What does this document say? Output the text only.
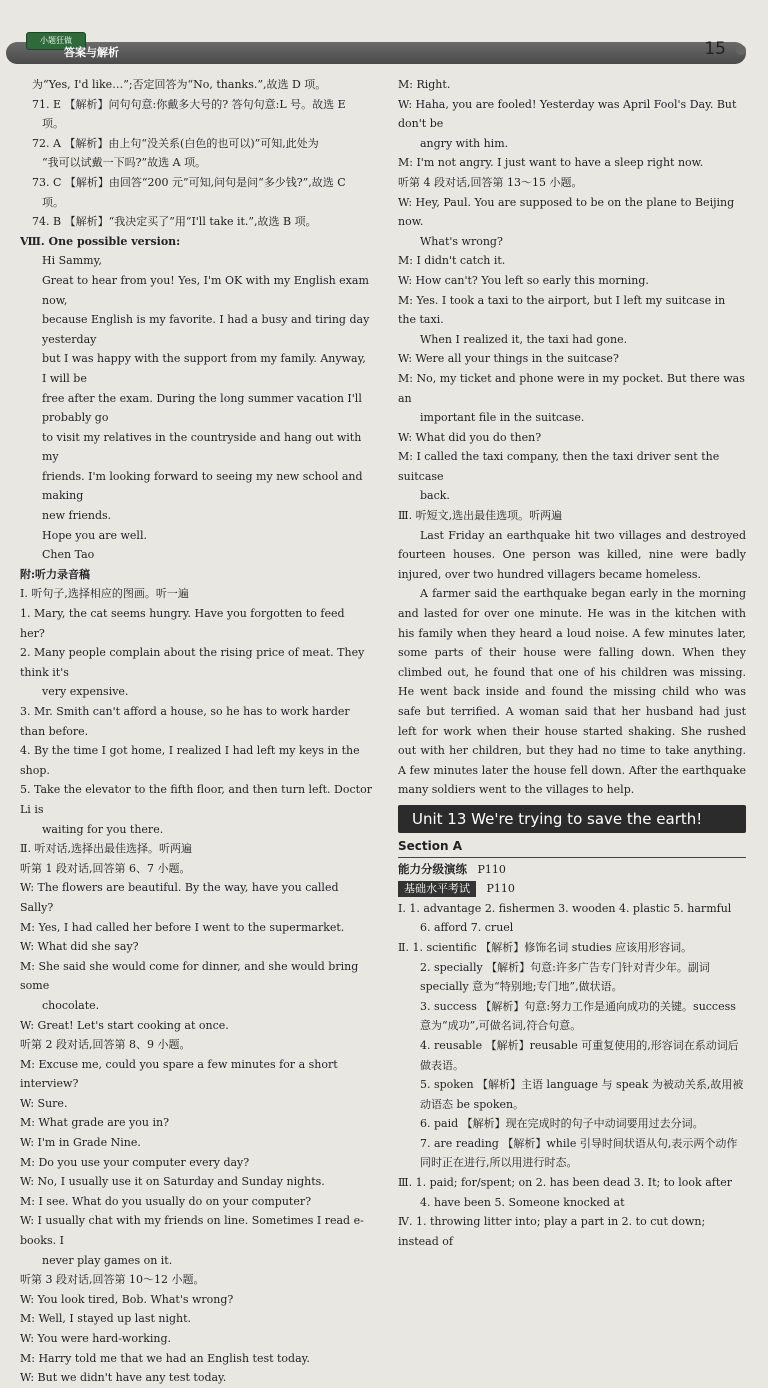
小题狂做
答案与解析	15

为“Yes, I'd like…”;否定回答为“No, thanks.”,故选 D 项。

71. E 【解析】问句句意:你戴多大号的? 答句句意:L 号。故选 E

项。

72. A 【解析】由上句“没关系(白色的也可以)”可知,此处为

“我可以试戴一下吗?”故选 A 项。

73. C 【解析】由回答“200 元”可知,问句是问“多少钱?”,故选 C

项。

74. B 【解析】“我决定买了”用“I'll take it.”,故选 B 项。

Ⅷ. One possible version:

Hi Sammy,

Great to hear from you! Yes, I'm OK with my English exam now,

because English is my favorite. I had a busy and tiring day yesterday

but I was happy with the support from my family. Anyway, I will be

free after the exam. During the long summer vacation I'll probably go

to visit my relatives in the countryside and hang out with my

friends. I'm looking forward to seeing my new school and making

new friends.

Hope you are well.

Chen Tao

附:听力录音稿

Ⅰ. 听句子,选择相应的图画。听一遍

1. Mary, the cat seems hungry. Have you forgotten to feed her?

2. Many people complain about the rising price of meat. They think it's

very expensive.

3. Mr. Smith can't afford a house, so he has to work harder than before.

4. By the time I got home, I realized I had left my keys in the shop.

5. Take the elevator to the fifth floor, and then turn left. Doctor Li is

waiting for you there.

Ⅱ. 听对话,选择出最佳选择。听两遍

听第 1 段对话,回答第 6、7 小题。

W: The flowers are beautiful. By the way, have you called Sally?

M: Yes, I had called her before I went to the supermarket.

W: What did she say?

M: She said she would come for dinner, and she would bring some

chocolate.

W: Great! Let's start cooking at once.

听第 2 段对话,回答第 8、9 小题。

M: Excuse me, could you spare a few minutes for a short interview?

W: Sure.

M: What grade are you in?

W: I'm in Grade Nine.

M: Do you use your computer every day?

W: No, I usually use it on Saturday and Sunday nights.

M: I see. What do you usually do on your computer?

W: I usually chat with my friends on line. Sometimes I read e-books. I

never play games on it.

听第 3 段对话,回答第 10～12 小题。

W: You look tired, Bob. What's wrong?

M: Well, I stayed up last night.

W: You were hard-working.

M: Harry told me that we had an English test today.

W: But we didn't have any test today.

M: Right.

W: Haha, you are fooled! Yesterday was April Fool's Day. But don't be

angry with him.

M: I'm not angry. I just want to have a sleep right now.

听第 4 段对话,回答第 13～15 小题。

W: Hey, Paul. You are supposed to be on the plane to Beijing now.

What's wrong?

M: I didn't catch it.

W: How can't? You left so early this morning.

M: Yes. I took a taxi to the airport, but I left my suitcase in the taxi.

When I realized it, the taxi had gone.

W: Were all your things in the suitcase?

M: No, my ticket and phone were in my pocket. But there was an

important file in the suitcase.

W: What did you do then?

M: I called the taxi company, then the taxi driver sent the suitcase

back.

Ⅲ. 听短文,选出最佳选项。听两遍

Last Friday an earthquake hit two villages and destroyed fourteen houses. One person was killed, nine were badly injured, over two hundred villagers became homeless.

A farmer said the earthquake began early in the morning and lasted for over one minute. He was in the kitchen with his family when they heard a loud noise. A few minutes later, some parts of their house were falling down. When they climbed out, he found that one of his children was missing. He went back inside and found the missing child who was safe but terrified. A woman said that her husband had just left for work when their house started shaking. She rushed out with her children, but they had no time to take anything. A few minutes later the house fell down. After the earthquake many soldiers went to the villages to help.

Unit 13 We're trying to save the earth!
Section A

能力分级演练 P110

基础水平考试 P110

Ⅰ. 1. advantage 2. fishermen 3. wooden 4. plastic 5. harmful

6. afford 7. cruel

Ⅱ. 1. scientific 【解析】修饰名词 studies 应该用形容词。

2. specially 【解析】句意:许多广告专门针对青少年。副词

specially 意为“特别地;专门地”,做状语。

3. success 【解析】句意:努力工作是通向成功的关键。success

意为“成功”,可做名词,符合句意。

4. reusable 【解析】reusable 可重复使用的,形容词在系动词后

做表语。

5. spoken 【解析】主语 language 与 speak 为被动关系,故用被

动语态 be spoken。

6. paid 【解析】现在完成时的句子中动词要用过去分词。

7. are reading 【解析】while 引导时间状语从句,表示两个动作

同时正在进行,所以用进行时态。

Ⅲ. 1. paid; for/spent; on 2. has been dead 3. It; to look after

4. have been 5. Someone knocked at

Ⅳ. 1. throwing litter into; play a part in 2. to cut down; instead of
